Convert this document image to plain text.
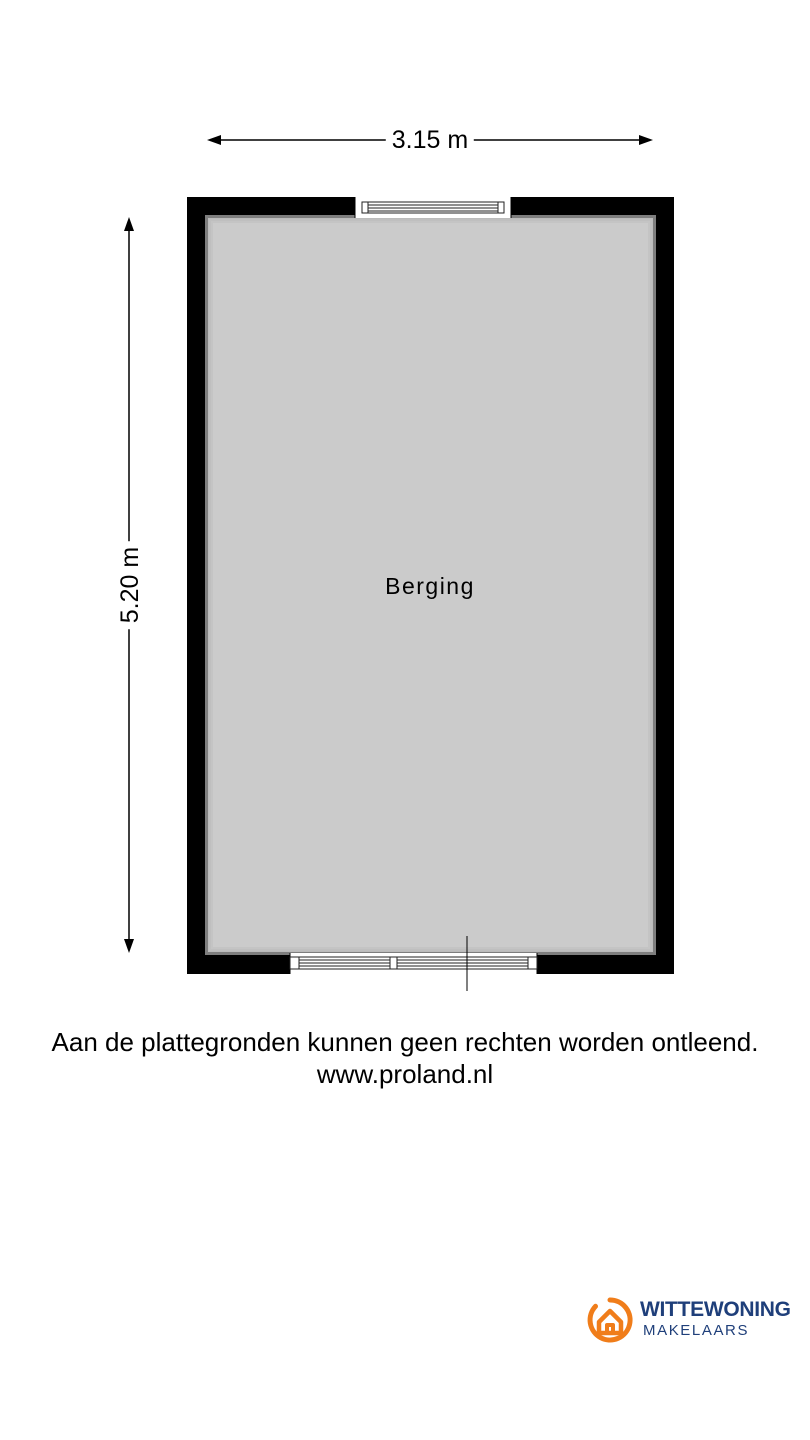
3.15 m
5.20 m	Berging
Aan de plattegronden kunnen geen rechten worden ontleend.
www.proland.nl
WITTEWONING
MAKELAARS
